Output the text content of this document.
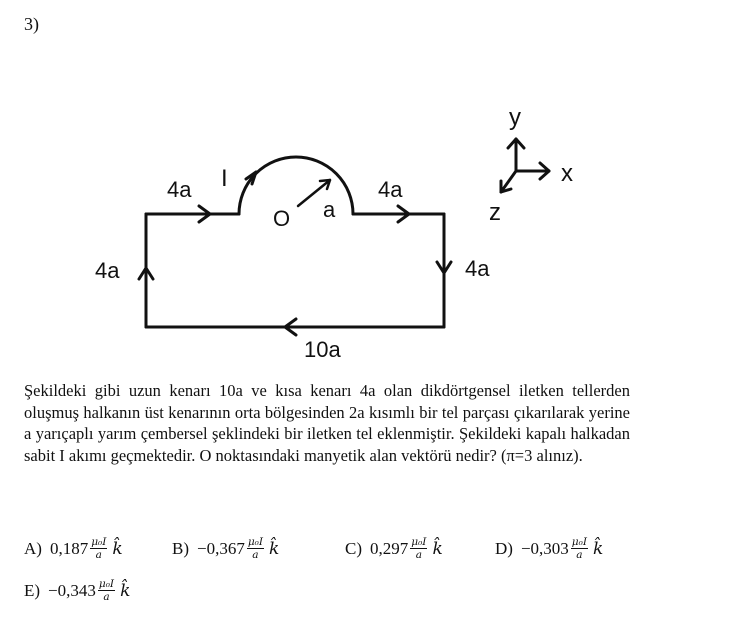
3)
I
4a	4a
4a	4a
10a
O a
y
x
z
Şekildeki gibi uzun kenarı 10a ve kısa kenarı 4a olan dikdörtgensel iletken tellerden oluşmuş halkanın üst kenarının orta bölgesinden 2a kısımlı bir tel parçası çıkarılarak yerine a yarıçaplı yarım çembersel şeklindeki bir iletken tel eklenmiştir. Şekildeki kapalı halkadan sabit I akımı geçmektedir. O noktasındaki manyetik alan vektörü nedir? (π=3 alınız).
A) $0,187 \frac{\text{μ₀I}}{a}$ k̂	$B) -0,367 \frac{\text{μ₀I}}{a}$ k̂	C) $0,297 \frac{\text{μ₀I}}{a}$ k̂	$D) -0,303 \frac{\text{μ₀I}}{a}$ k̂
$E) -0,343 \frac{\text{μ₀I}}{a}$ k̂
